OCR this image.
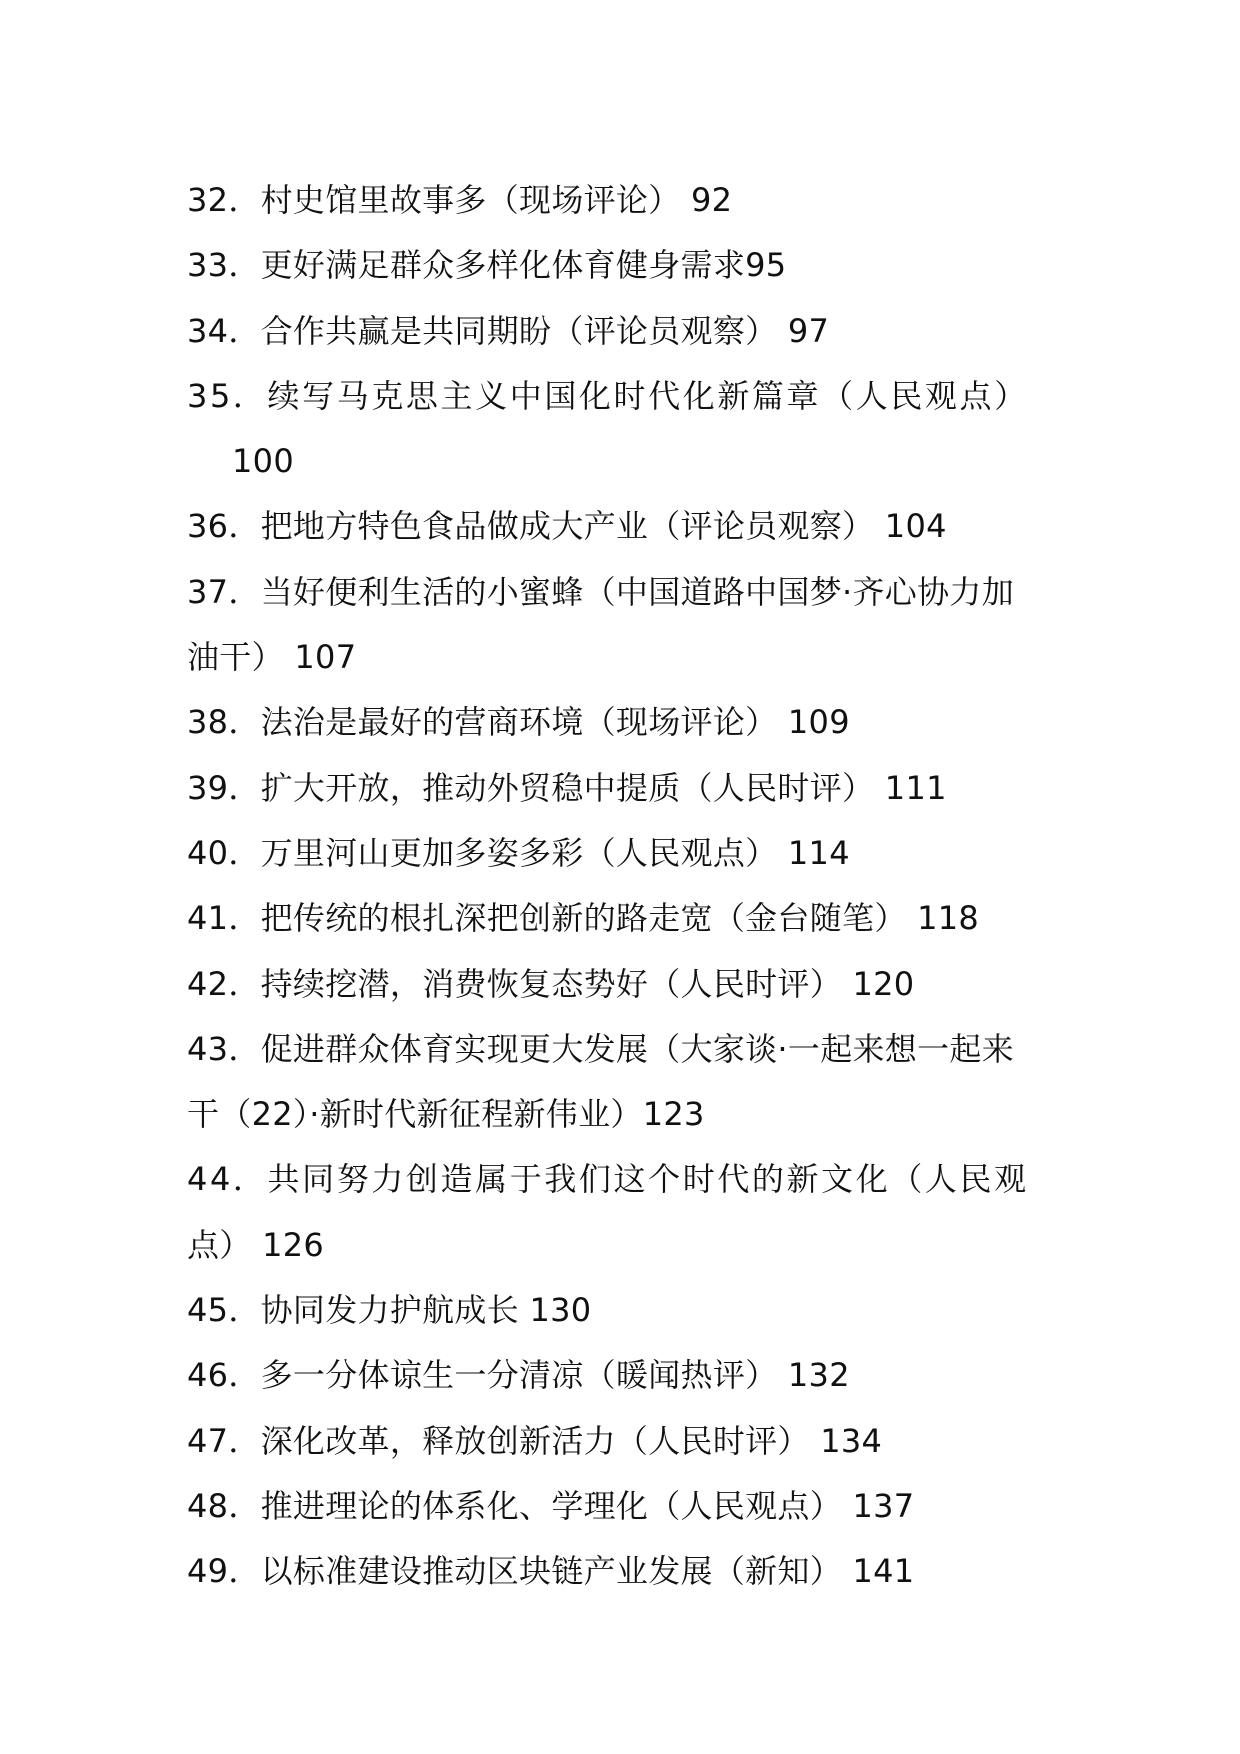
32．村史馆里故事多（现场评论） 92
33．更好满足群众多样化体育健身需求95
34．合作共赢是共同期盼（评论员观察） 97
35．续写马克思主义中国化时代化新篇章（人民观点）
100
36．把地方特色食品做成大产业（评论员观察） 104
37．当好便利生活的小蜜蜂（中国道路中国梦·齐心协力加
油干） 107
38．法治是最好的营商环境（现场评论） 109
39．扩大开放，推动外贸稳中提质（人民时评） 111
40．万里河山更加多姿多彩（人民观点） 114
41．把传统的根扎深把创新的路走宽（金台随笔） 118
42．持续挖潜，消费恢复态势好（人民时评） 120
43．促进群众体育实现更大发展（大家谈·一起来想一起来
干（22）·新时代新征程新伟业）123
44．共同努力创造属于我们这个时代的新文化（人民观
点） 126
45．协同发力护航成长 130
46．多一分体谅生一分清凉（暖闻热评） 132
47．深化改革，释放创新活力（人民时评） 134
48．推进理论的体系化、学理化（人民观点） 137
49．以标准建设推动区块链产业发展（新知） 141
